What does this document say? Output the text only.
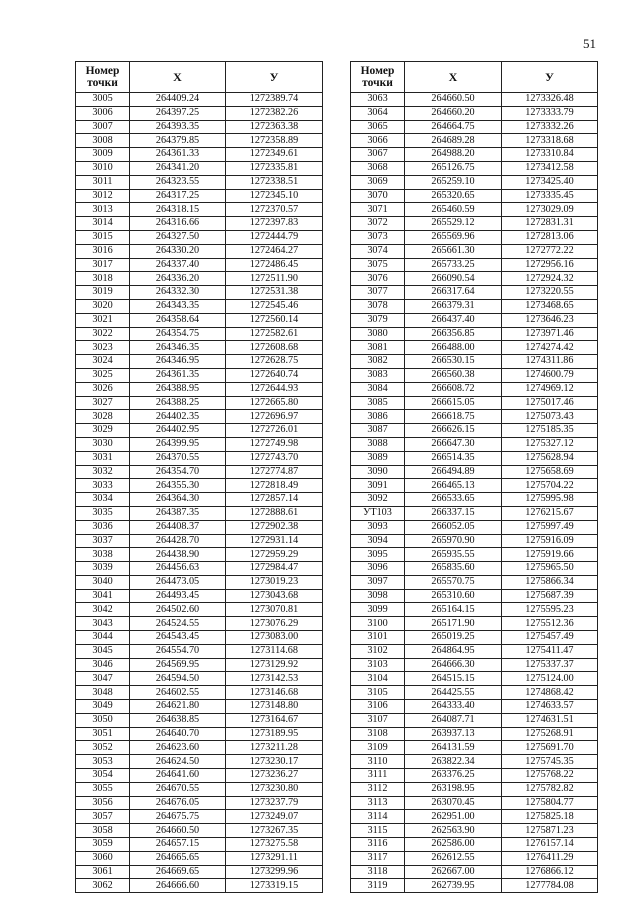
51
Номер
точки	X	У
3005	264409.24	1272389.74
3006	264397.25	1272382.26
3007	264393.35	1272363.38
3008	264379.85	1272358.89
3009	264361.33	1272349.61
3010	264341.20	1272335.81
3011	264323.55	1272338.51
3012	264317.25	1272345.10
3013	264318.15	1272370.57
3014	264316.66	1272397.83
3015	264327.50	1272444.79
3016	264330.20	1272464.27
3017	264337.40	1272486.45
3018	264336.20	1272511.90
3019	264332.30	1272531.38
3020	264343.35	1272545.46
3021	264358.64	1272560.14
3022	264354.75	1272582.61
3023	264346.35	1272608.68
3024	264346.95	1272628.75
3025	264361.35	1272640.74
3026	264388.95	1272644.93
3027	264388.25	1272665.80
3028	264402.35	1272696.97
3029	264402.95	1272726.01
3030	264399.95	1272749.98
3031	264370.55	1272743.70
3032	264354.70	1272774.87
3033	264355.30	1272818.49
3034	264364.30	1272857.14
3035	264387.35	1272888.61
3036	264408.37	1272902.38
3037	264428.70	1272931.14
3038	264438.90	1272959.29
3039	264456.63	1272984.47
3040	264473.05	1273019.23
3041	264493.45	1273043.68
3042	264502.60	1273070.81
3043	264524.55	1273076.29
3044	264543.45	1273083.00
3045	264554.70	1273114.68
3046	264569.95	1273129.92
3047	264594.50	1273142.53
3048	264602.55	1273146.68
3049	264621.80	1273148.80
3050	264638.85	1273164.67
3051	264640.70	1273189.95
3052	264623.60	1273211.28
3053	264624.50	1273230.17
3054	264641.60	1273236.27
3055	264670.55	1273230.80
3056	264676.05	1273237.79
3057	264675.75	1273249.07
3058	264660.50	1273267.35
3059	264657.15	1273275.58
3060	264665.65	1273291.11
3061	264669.65	1273299.96
3062	264666.60	1273319.15
Номер
точки	X	У
3063	264660.50	1273326.48
3064	264660.20	1273333.79
3065	264664.75	1273332.26
3066	264689.28	1273318.68
3067	264988.20	1273310.84
3068	265126.75	1273412.58
3069	265259.10	1273425.40
3070	265320.65	1273335.45
3071	265460.59	1273029.09
3072	265529.12	1272831.31
3073	265569.96	1272813.06
3074	265661.30	1272772.22
3075	265733.25	1272956.16
3076	266090.54	1272924.32
3077	266317.64	1273220.55
3078	266379.31	1273468.65
3079	266437.40	1273646.23
3080	266356.85	1273971.46
3081	266488.00	1274274.42
3082	266530.15	1274311.86
3083	266560.38	1274600.79
3084	266608.72	1274969.12
3085	266615.05	1275017.46
3086	266618.75	1275073.43
3087	266626.15	1275185.35
3088	266647.30	1275327.12
3089	266514.35	1275628.94
3090	266494.89	1275658.69
3091	266465.13	1275704.22
3092	266533.65	1275995.98
УТ103	266337.15	1276215.67
3093	266052.05	1275997.49
3094	265970.90	1275916.09
3095	265935.55	1275919.66
3096	265835.60	1275965.50
3097	265570.75	1275866.34
3098	265310.60	1275687.39
3099	265164.15	1275595.23
3100	265171.90	1275512.36
3101	265019.25	1275457.49
3102	264864.95	1275411.47
3103	264666.30	1275337.37
3104	264515.15	1275124.00
3105	264425.55	1274868.42
3106	264333.40	1274633.57
3107	264087.71	1274631.51
3108	263937.13	1275268.91
3109	264131.59	1275691.70
3110	263822.34	1275745.35
3111	263376.25	1275768.22
3112	263198.95	1275782.82
3113	263070.45	1275804.77
3114	262951.00	1275825.18
3115	262563.90	1275871.23
3116	262586.00	1276157.14
3117	262612.55	1276411.29
3118	262667.00	1276866.12
3119	262739.95	1277784.08
